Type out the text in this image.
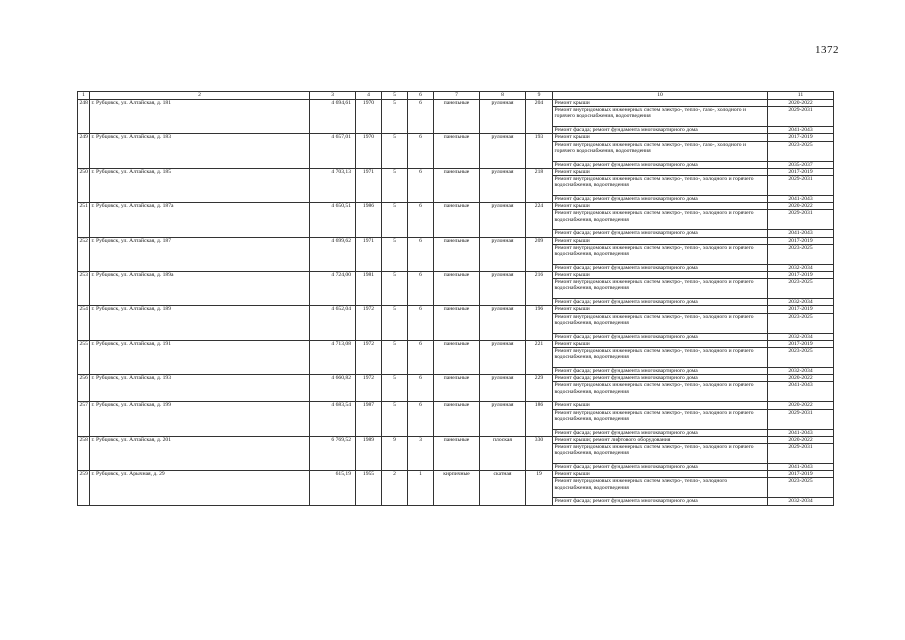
1372
1	2	3	4	5	6	7	8	9	10	11
248	г. Рубцовск, ул. Алтайская, д. 181	4 694,61	1970	5	6	панельные	рулонная	204	Ремонт крыши	2020-2022
									Ремонт внутридомовых инженерных систем электро-, тепло-, газо-, холодного и горячего водоснабжения, водоотведения	2029-2031
									Ремонт фасада; ремонт фундамента многоквартирного дома	2041-2043
249	г. Рубцовск, ул. Алтайская, д. 183	4 657,01	1970	5	6	панельные	рулонная	193	Ремонт крыши	2017-2019
									Ремонт внутридомовых инженерных систем электро-, тепло-, газо-, холодного и горячего водоснабжения, водоотведения	2023-2025
									Ремонт фасада; ремонт фундамента многоквартирного дома	2035-2037
250	г. Рубцовск, ул. Алтайская, д. 185	4 703,13	1971	5	6	панельные	рулонная	218	Ремонт крыши	2017-2019
									Ремонт внутридомовых инженерных систем электро-, тепло-, холодного и горячего водоснабжения, водоотведения	2029-2031
									Ремонт фасада; ремонт фундамента многоквартирного дома	2041-2043
251	г. Рубцовск, ул. Алтайская, д. 187а	4 650,51	1986	5	6	панельные	рулонная	224	Ремонт крыши	2020-2022
									Ремонт внутридомовых инженерных систем электро-, тепло-, холодного и горячего водоснабжения, водоотведения	2029-2031
									Ремонт фасада; ремонт фундамента многоквартирного дома	2041-2043
252	г. Рубцовск, ул. Алтайская, д. 187	4 699,62	1971	5	6	панельные	рулонная	209	Ремонт крыши	2017-2019
									Ремонт внутридомовых инженерных систем электро-, тепло-, холодного и горячего водоснабжения, водоотведения	2023-2025
									Ремонт фасада; ремонт фундамента многоквартирного дома	2032-2034
253	г. Рубцовск, ул. Алтайская, д. 189а	4 724,00	1981	5	6	панельные	рулонная	216	Ремонт крыши	2017-2019
									Ремонт внутридомовых инженерных систем электро-, тепло-, холодного и горячего водоснабжения, водоотведения	2023-2025
									Ремонт фасада; ремонт фундамента многоквартирного дома	2032-2034
254	г. Рубцовск, ул. Алтайская, д. 189	4 652,04	1972	5	6	панельные	рулонная	196	Ремонт крыши	2017-2019
									Ремонт внутридомовых инженерных систем электро-, тепло-, холодного и горячего водоснабжения, водоотведения	2023-2025
									Ремонт фасада; ремонт фундамента многоквартирного дома	2032-2034
255	г. Рубцовск, ул. Алтайская, д. 191	4 713,08	1972	5	6	панельные	рулонная	221	Ремонт крыши	2017-2019
									Ремонт внутридомовых инженерных систем электро-, тепло-, холодного и горячего водоснабжения, водоотведения	2023-2025
									Ремонт фасада; ремонт фундамента многоквартирного дома	2032-2034
256	г. Рубцовск, ул. Алтайская, д. 193	4 660,82	1972	5	6	панельные	рулонная	229	Ремонт фасада; ремонт фундамента многоквартирного дома	2020-2022
									Ремонт внутридомовых инженерных систем электро-, тепло-, холодного и горячего водоснабжения, водоотведения	2041-2043
257	г. Рубцовск, ул. Алтайская, д. 199	4 683,54	1987	5	6	панельные	рулонная	186	Ремонт крыши	2020-2022
									Ремонт внутридомовых инженерных систем электро-, тепло-, холодного и горячего водоснабжения, водоотведения	2029-2031
									Ремонт фасада; ремонт фундамента многоквартирного дома	2041-2043
258	г. Рубцовск, ул. Алтайская, д. 201	6 769,52	1989	9	3	панельные	плоская	330	Ремонт крыши; ремонт лифтового оборудования	2020-2022
									Ремонт внутридомовых инженерных систем электро-, тепло-, холодного и горячего водоснабжения, водоотведения	2029-2031
									Ремонт фасада; ремонт фундамента многоквартирного дома	2041-2043
259	г. Рубцовск, ул. Арычная, д. 29	615,19	1955	2	1	кирпичные	скатная	19	Ремонт крыши	2017-2019
									Ремонт внутридомовых инженерных систем электро-, тепло-, холодного водоснабжения, водоотведения	2023-2025
									Ремонт фасада; ремонт фундамента многоквартирного дома	2032-2034
